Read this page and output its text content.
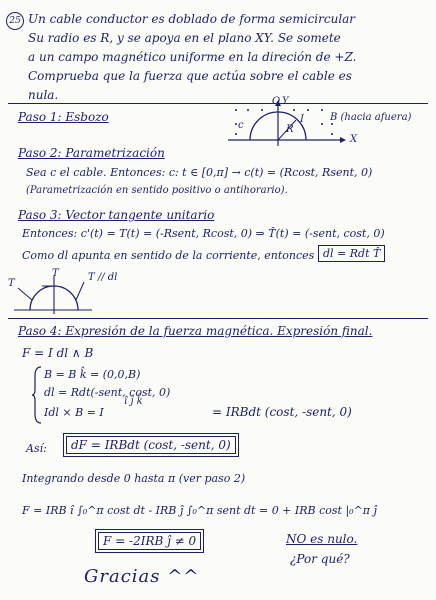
25 Un cable conductor es doblado de forma semicircular
Su radio es R, y se apoya en el plano XY. Se somete
a un campo magnético uniforme en la direción de +Z.
Comprueba que la fuerza que actúa sobre el cable es
nula.
Paso 1: Esbozo
O Y
X
c	R
I	B (hacia afuera)
Paso 2: Parametrización
Sea c el cable. Entonces: c: t ∈ [0,π] → c(t) = (Rcost, Rsent, 0)
(Parametrización en sentido positivo o antihorario).
Paso 3: Vector tangente unitario
Entonces: c'(t) = T(t) = (-Rsent, Rcost, 0) ⇒ T̂(t) = (-sent, cost, 0)
Como dl apunta en sentido de la corriente, entonces dl = Rdt T̂
T
T	T // dl
Paso 4: Expresión de la fuerza magnética. Expresión final.
F = I dl ∧ B
B = B k̂ = (0,0,B)
dl = Rdt(-sent, cost, 0)
Idl × B = I
î ĵ k̂
= IRBdt (cost, -sent, 0)
Así:	dF = IRBdt (cost, -sent, 0)
Integrando desde 0 hasta π (ver paso 2)
F = IRB î ∫₀^π cost dt - IRB ĵ ∫₀^π sent dt = 0 + IRB cost |₀^π ĵ
F = -2IRB ĵ ≠ 0	NO es nulo.
¿Por qué?
Gracias ^^
